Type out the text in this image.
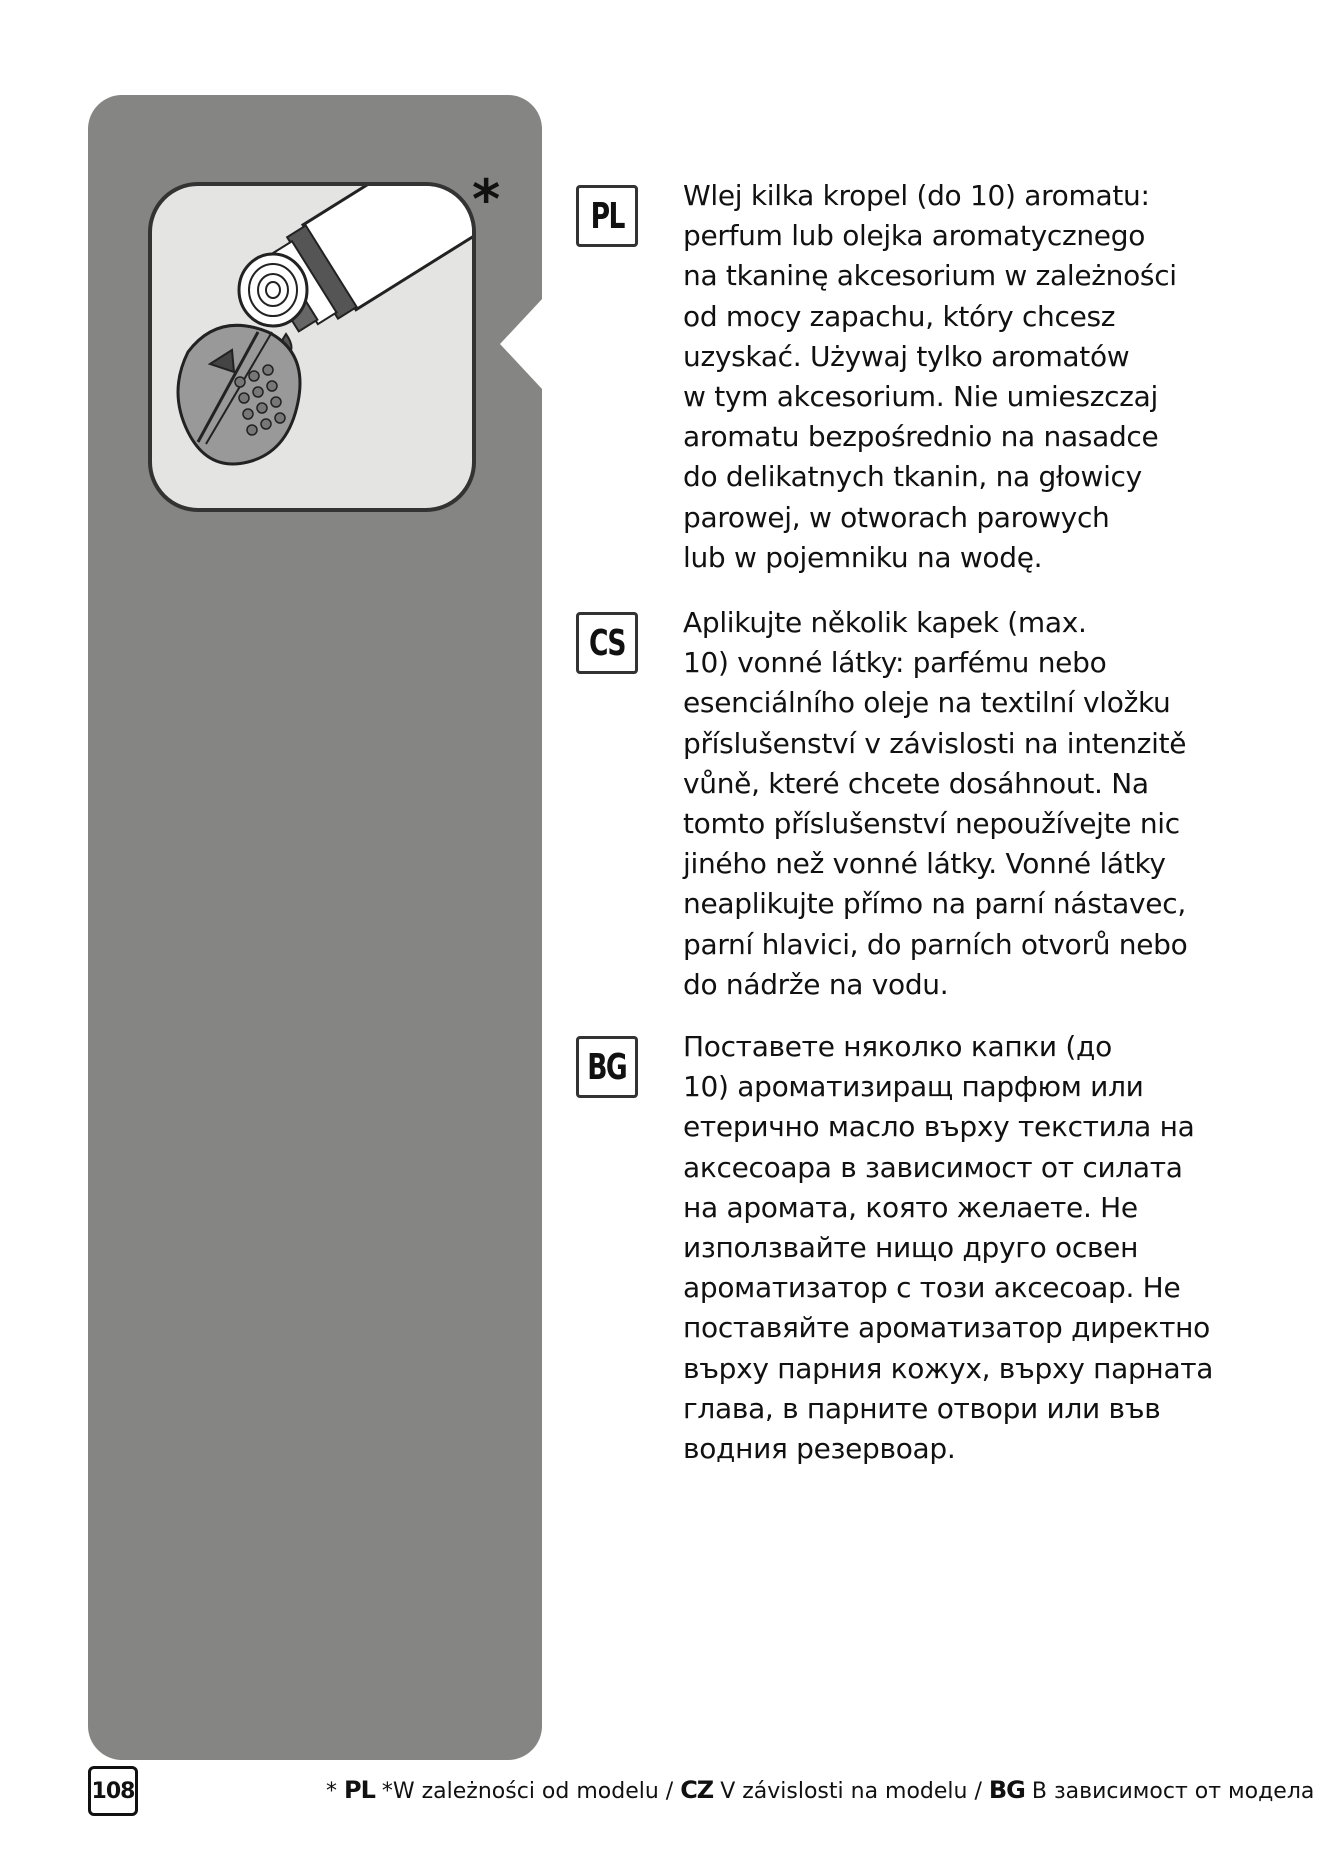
*	PL Wlej kilka kropel (do 10) aromatu:
perfum lub olejka aromatycznego
na tkaninę akcesorium w zależności
od mocy zapachu, który chcesz
uzyskać. Używaj tylko aromatów
w tym akcesorium. Nie umieszczaj
aromatu bezpośrednio na nasadce
do delikatnych tkanin, na głowicy
parowej, w otworach parowych
lub w pojemniku na wodę.
CS Aplikujte několik kapek (max.
10) vonné látky: parfému nebo
esenciálního oleje na textilní vložku
příslušenství v závislosti na intenzitě
vůně, které chcete dosáhnout. Na
tomto příslušenství nepoužívejte nic
jiného než vonné látky. Vonné látky
neaplikujte přímo na parní nástavec,
parní hlavici, do parních otvorů nebo
do nádrže na vodu.
BG Поставете няколко капки (до
10) ароматизиращ парфюм или
етерично масло върху текстила на
аксесоара в зависимост от силата
на аромата, която желаете. Не
използвайте нищо друго освен
ароматизатор с този аксесоар. Не
поставяйте ароматизатор директно
върху парния кожух, върху парната
глава, в парните отвори или във
водния резервоар.
108	* PL *W zależności od modelu / CZ V závislosti na modelu / BG В зависимост от модела
